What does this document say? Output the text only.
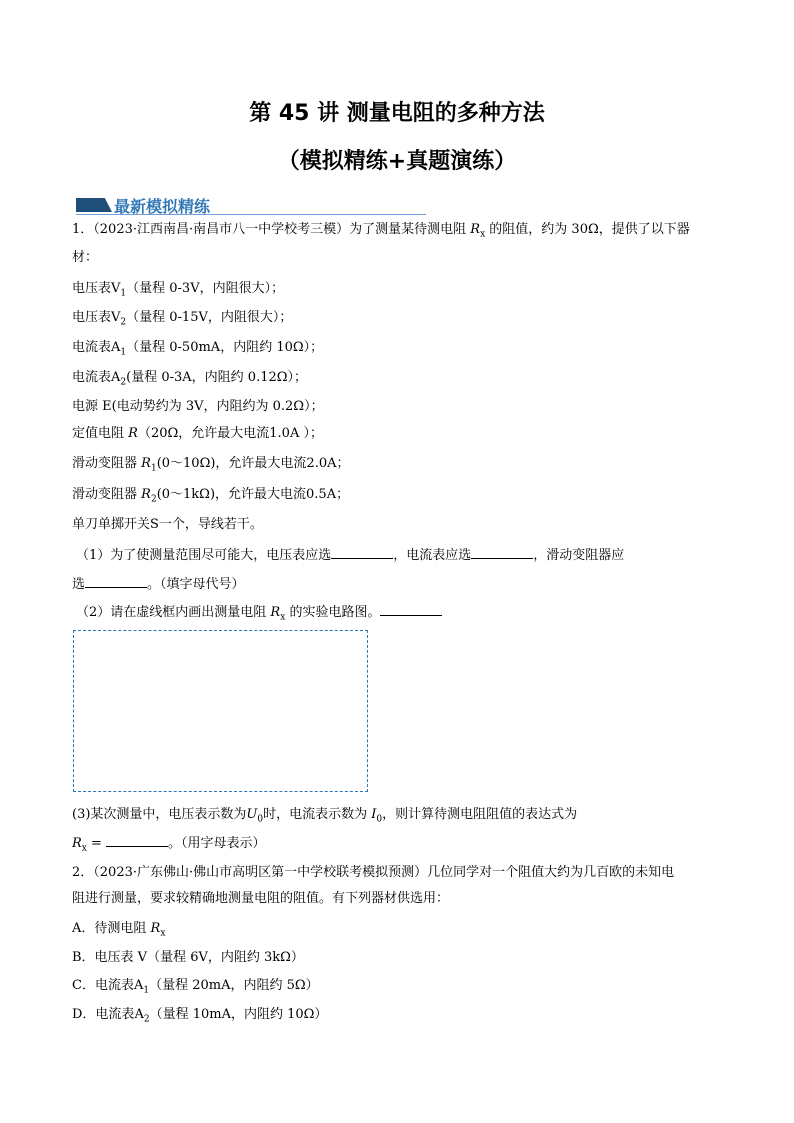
第 45 讲 测量电阻的多种方法
（模拟精练+真题演练）
最新模拟精练
1．（2023·江西南昌·南昌市八一中学校考三模）为了测量某待测电阻 $R_x$ 的阻值，约为 30Ω，提供了以下器
材：
电压表$V_1$（量程 0-3V，内阻很大）；
电压表$V_2$（量程 0-15V，内阻很大）；
电流表$A_1$（量程 0-50mA，内阻约 10Ω）；
电流表$A_2$(量程 0-3A，内阻约 0.12Ω）；
电源 E(电动势约为 3V，内阻约为 0.2Ω）；
定值电阻 R（20Ω，允许最大电流1.0A ）；
滑动变阻器 $R_1(0\sim 10\Omega)$，允许最大电流2.0A；
滑动变阻器 $R_2(0\sim 1k\Omega)$，允许最大电流0.5A；
单刀单掷开关S一个，导线若干。
（1）为了使测量范围尽可能大，电压表应选	，电流表应选	，滑动变阻器应
选	。（填字母代号）
（2）请在虚线框内画出测量电阻 $R_x$ 的实验电路图。
(3)某次测量中，电压表示数为$U_0$时，电流表示数为 $I_0$，则计算待测电阻阻值的表达式为
$R_x$ =	。（用字母表示）
2．（2023·广东佛山·佛山市高明区第一中学校联考模拟预测）几位同学对一个阻值大约为几百欧的未知电
阻进行测量，要求较精确地测量电阻的阻值。有下列器材供选用：
A．待测电阻 $R_x$
B．电压表 V（量程 6V，内阻约 3kΩ）
C．电流表$A_1$（量程 20mA，内阻约 5Ω）
D．电流表$A_2$（量程 10mA，内阻约 10Ω）
